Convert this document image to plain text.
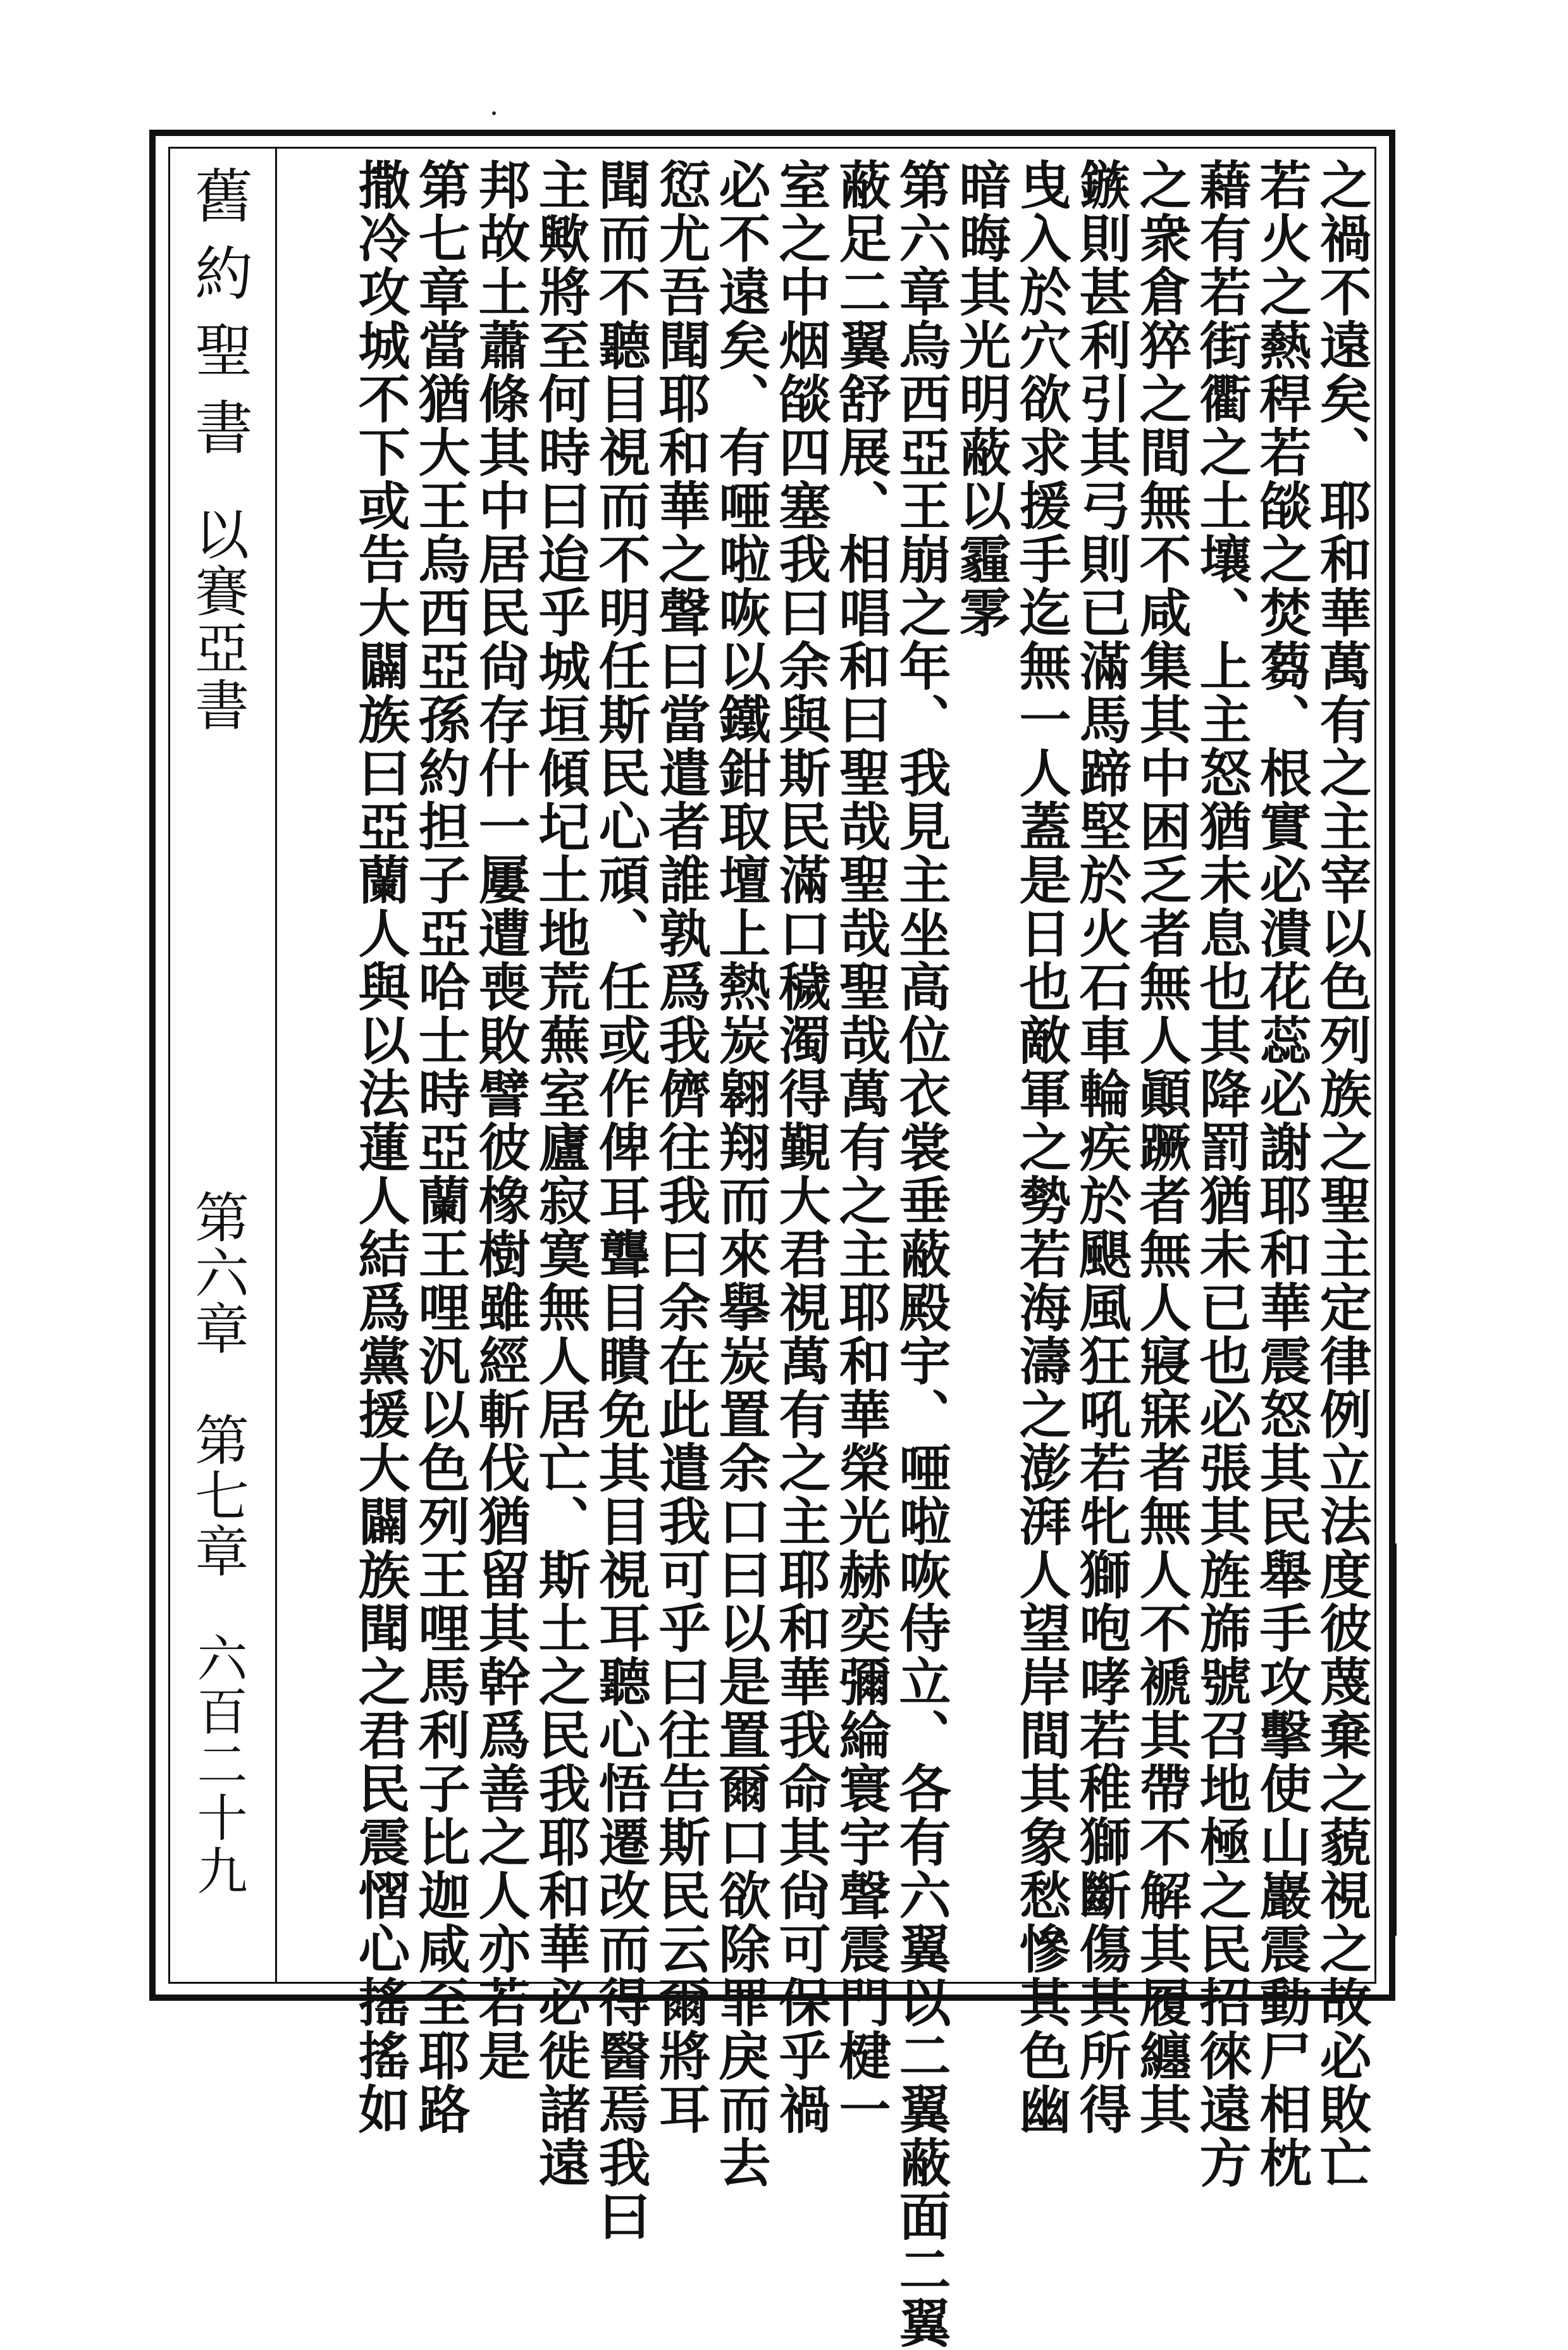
舊約聖書
以賽亞書
第六章　第七章
六百二十九	之禍不遠矣、耶和華萬有之主宰以色列族之聖主定律例立法度彼蔑棄之藐視之故必敗亡
若火之爇稈若燄之焚蒭、根實必潰花蕊必謝耶和華震怒其民舉手攻擊使山巖震動尸相枕
藉有若街衢之土壤、上主怒猶未息也其降罰猶未已也必張其旌旆號召地極之民招徠遠方
之衆倉猝之間無不咸集其中困乏者無人顚蹶者無人寢寐者無人不褫其帶不解其履纏其
鏃則甚利引其弓則已滿馬蹄堅於火石車輪疾於颶風狂吼若牝獅咆哮若稚獅斷傷其所得
曳入於穴欲求援手迄無一人蓋是日也敵軍之勢若海濤之澎湃人望岸間其象愁慘其色幽
暗晦其光明蔽以霾雺
第六章烏西亞王崩之年、我見主坐高位衣裳垂蔽殿宇、唖啦咴侍立、各有六翼以二翼蔽面二翼
蔽足二翼舒展、相唱和曰聖哉聖哉聖哉萬有之主耶和華榮光赫奕彌綸寰宇聲震門楗一
室之中烟燄四塞我曰余與斯民滿口穢濁得覲大君視萬有之主耶和華我命其尙可保乎禍
必不遠矣、有唖啦咴以鐵鉗取壇上熱炭翱翔而來擧炭置余口曰以是置爾口欲除罪戾而去
愆尤吾聞耶和華之聲曰當遣者誰孰爲我儕往我曰余在此遣我可乎曰往告斯民云爾將耳
聞而不聽目視而不明任斯民心頑、任或作俾耳聾目瞶免其目視耳聽心悟遷改而得醫焉我曰
主歟將至何時曰迨乎城垣傾圮土地荒蕪室廬寂寞無人居亡、斯土之民我耶和華必徙諸遠
邦故土蕭條其中居民尙存什一屢遭喪敗譬彼橡樹雖經斬伐猶留其幹爲善之人亦若是
第七章當猶大王烏西亞孫約担子亞哈士時亞蘭王哩汎以色列王哩馬利子比迦咸至耶路
撒冷攻城不下或告大闢族曰亞蘭人與以法蓮人結爲黨援大闢族聞之君民震慴心搖搖如
